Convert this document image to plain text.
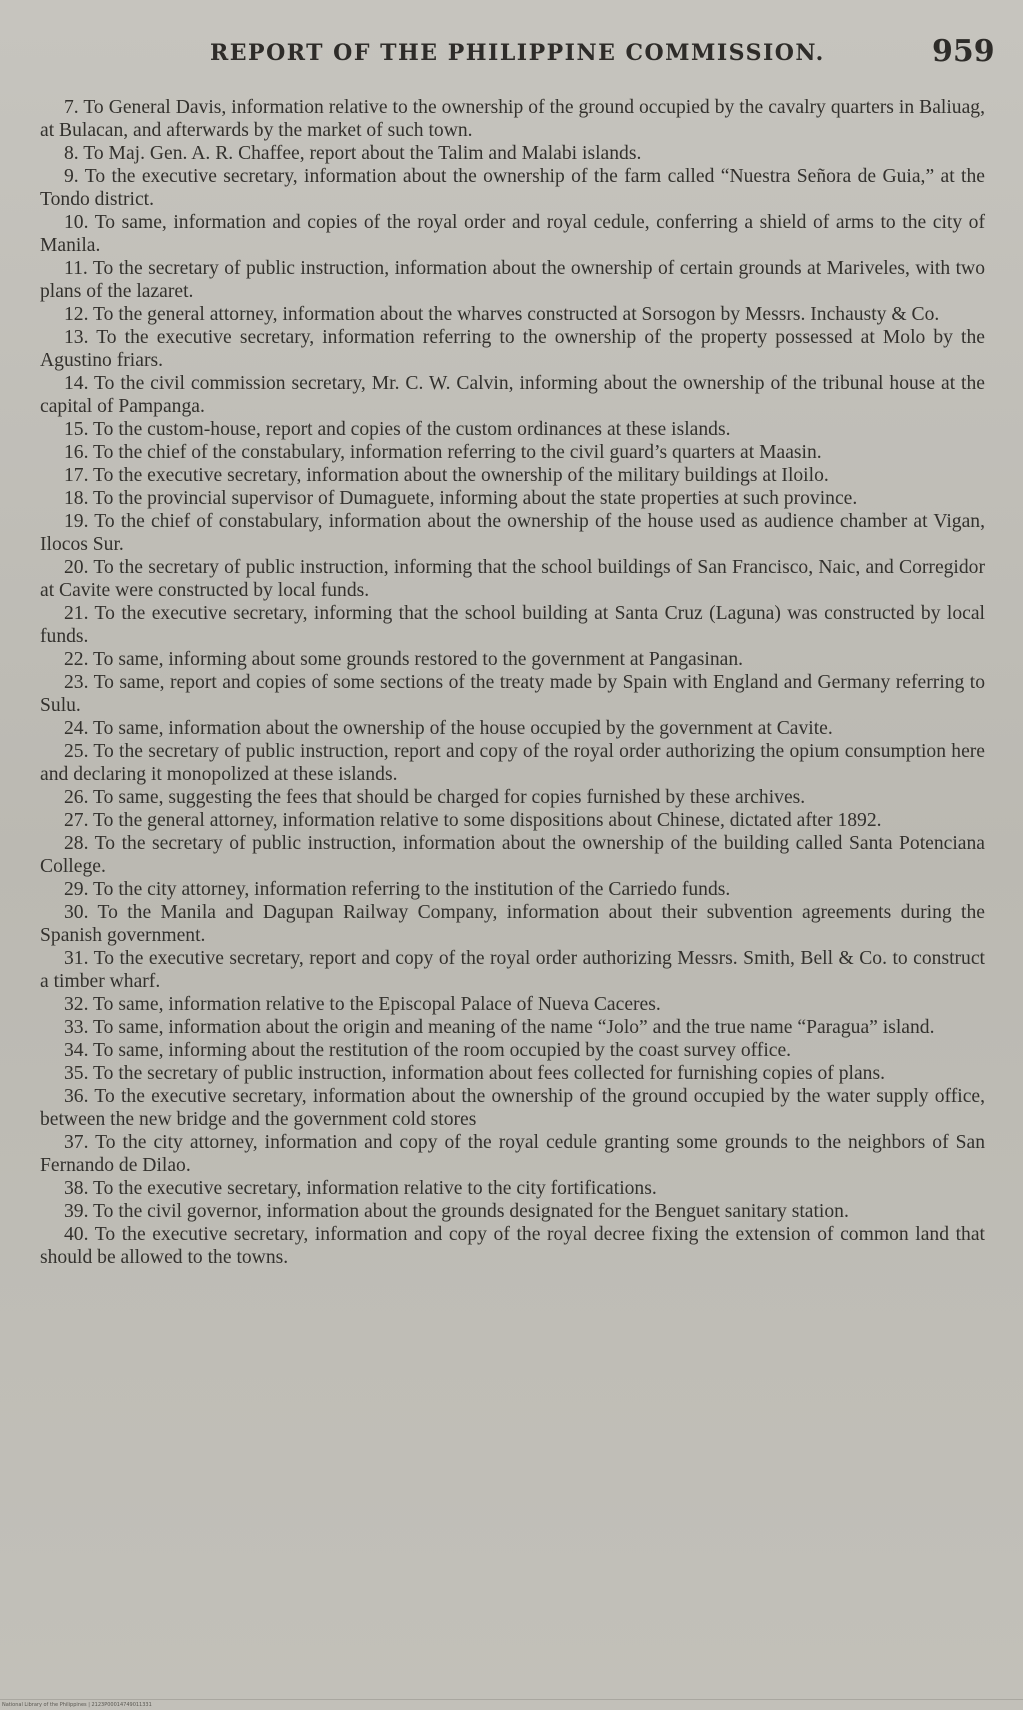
REPORT OF THE PHILIPPINE COMMISSION.	959
7. To General Davis, information relative to the ownership of the ground occupied by the cavalry quarters in Baliuag, at Bulacan, and afterwards by the market of such town.
8. To Maj. Gen. A. R. Chaffee, report about the Talim and Malabi islands.
9. To the executive secretary, information about the ownership of the farm called “Nuestra Señora de Guia,” at the Tondo district.
10. To same, information and copies of the royal order and royal cedule, conferring a shield of arms to the city of Manila.
11. To the secretary of public instruction, information about the ownership of certain grounds at Mariveles, with two plans of the lazaret.
12. To the general attorney, information about the wharves constructed at Sorsogon by Messrs. Inchausty & Co.
13. To the executive secretary, information referring to the ownership of the property possessed at Molo by the Agustino friars.
14. To the civil commission secretary, Mr. C. W. Calvin, informing about the ownership of the tribunal house at the capital of Pampanga.
15. To the custom-house, report and copies of the custom ordinances at these islands.
16. To the chief of the constabulary, information referring to the civil guard’s quarters at Maasin.
17. To the executive secretary, information about the ownership of the military buildings at Iloilo.
18. To the provincial supervisor of Dumaguete, informing about the state properties at such province.
19. To the chief of constabulary, information about the ownership of the house used as audience chamber at Vigan, Ilocos Sur.
20. To the secretary of public instruction, informing that the school buildings of San Francisco, Naic, and Corregidor at Cavite were constructed by local funds.
21. To the executive secretary, informing that the school building at Santa Cruz (Laguna) was constructed by local funds.
22. To same, informing about some grounds restored to the government at Pangasinan.
23. To same, report and copies of some sections of the treaty made by Spain with England and Germany referring to Sulu.
24. To same, information about the ownership of the house occupied by the government at Cavite.
25. To the secretary of public instruction, report and copy of the royal order authorizing the opium consumption here and declaring it monopolized at these islands.
26. To same, suggesting the fees that should be charged for copies furnished by these archives.
27. To the general attorney, information relative to some dispositions about Chinese, dictated after 1892.
28. To the secretary of public instruction, information about the ownership of the building called Santa Potenciana College.
29. To the city attorney, information referring to the institution of the Carriedo funds.
30. To the Manila and Dagupan Railway Company, information about their subvention agreements during the Spanish government.
31. To the executive secretary, report and copy of the royal order authorizing Messrs. Smith, Bell & Co. to construct a timber wharf.
32. To same, information relative to the Episcopal Palace of Nueva Caceres.
33. To same, information about the origin and meaning of the name “Jolo” and the true name “Paragua” island.
34. To same, informing about the restitution of the room occupied by the coast survey office.
35. To the secretary of public instruction, information about fees collected for furnishing copies of plans.
36. To the executive secretary, information about the ownership of the ground occupied by the water supply office, between the new bridge and the government cold stores
37. To the city attorney, information and copy of the royal cedule granting some grounds to the neighbors of San Fernando de Dilao.
38. To the executive secretary, information relative to the city fortifications.
39. To the civil governor, information about the grounds designated for the Benguet sanitary station.
40. To the executive secretary, information and copy of the royal decree fixing the extension of common land that should be allowed to the towns.
National Library of the Philippines | 2123P00014749011331
